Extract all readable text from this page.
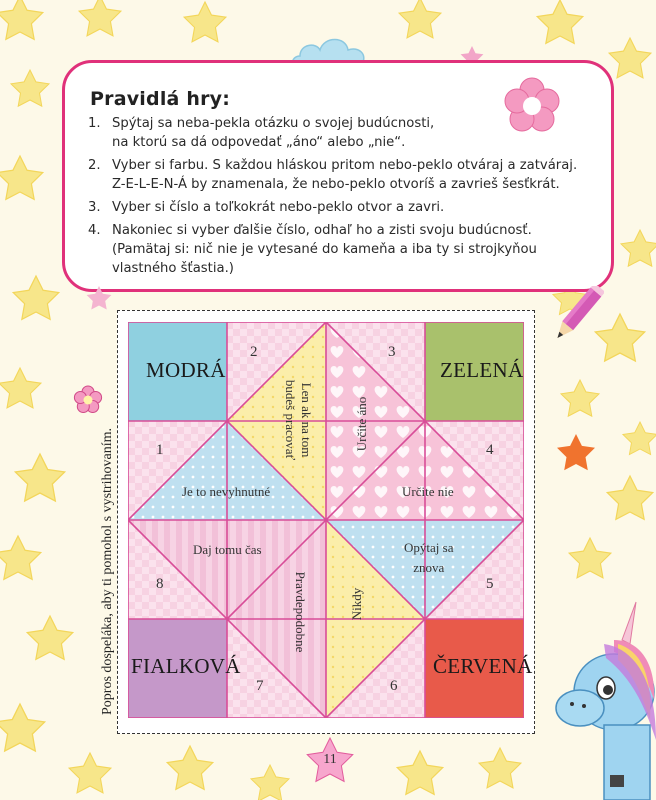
Pravidlá hry:
1. Spýtaj sa neba-pekla otázku o svojej budúcnosti,
na ktorú sa dá odpovedať „áno“ alebo „nie“.
2. Vyber si farbu. S každou hláskou pritom nebo-peklo otváraj a zatváraj.
Z-E-L-E-N-Á by znamenala, že nebo-peklo otvoríš a zavrieš šesťkrát.
3. Vyber si číslo a toľkokrát nebo-peklo otvor a zavri.
4. Nakoniec si vyber ďalšie číslo, odhaľ ho a zisti svoju budúcnosť.
(Pamätaj si: nič nie je vytesané do kameňa a iba ty si strojkyňou
vlastného šťastia.)
MODRÁ	ZELENÁ
FIALKOVÁ	ČERVENÁ
1
2	3
4
5
6
7
8
Je to nevyhnutné
Len ak na tom
budeš pracovať	Určite áno
Určite nie
Opýtaj sa
znova
Nikdy
Pravdepodobne
Daj tomu čas
Popros dospeláka, aby ti pomohol s vystrihovaním.
11
